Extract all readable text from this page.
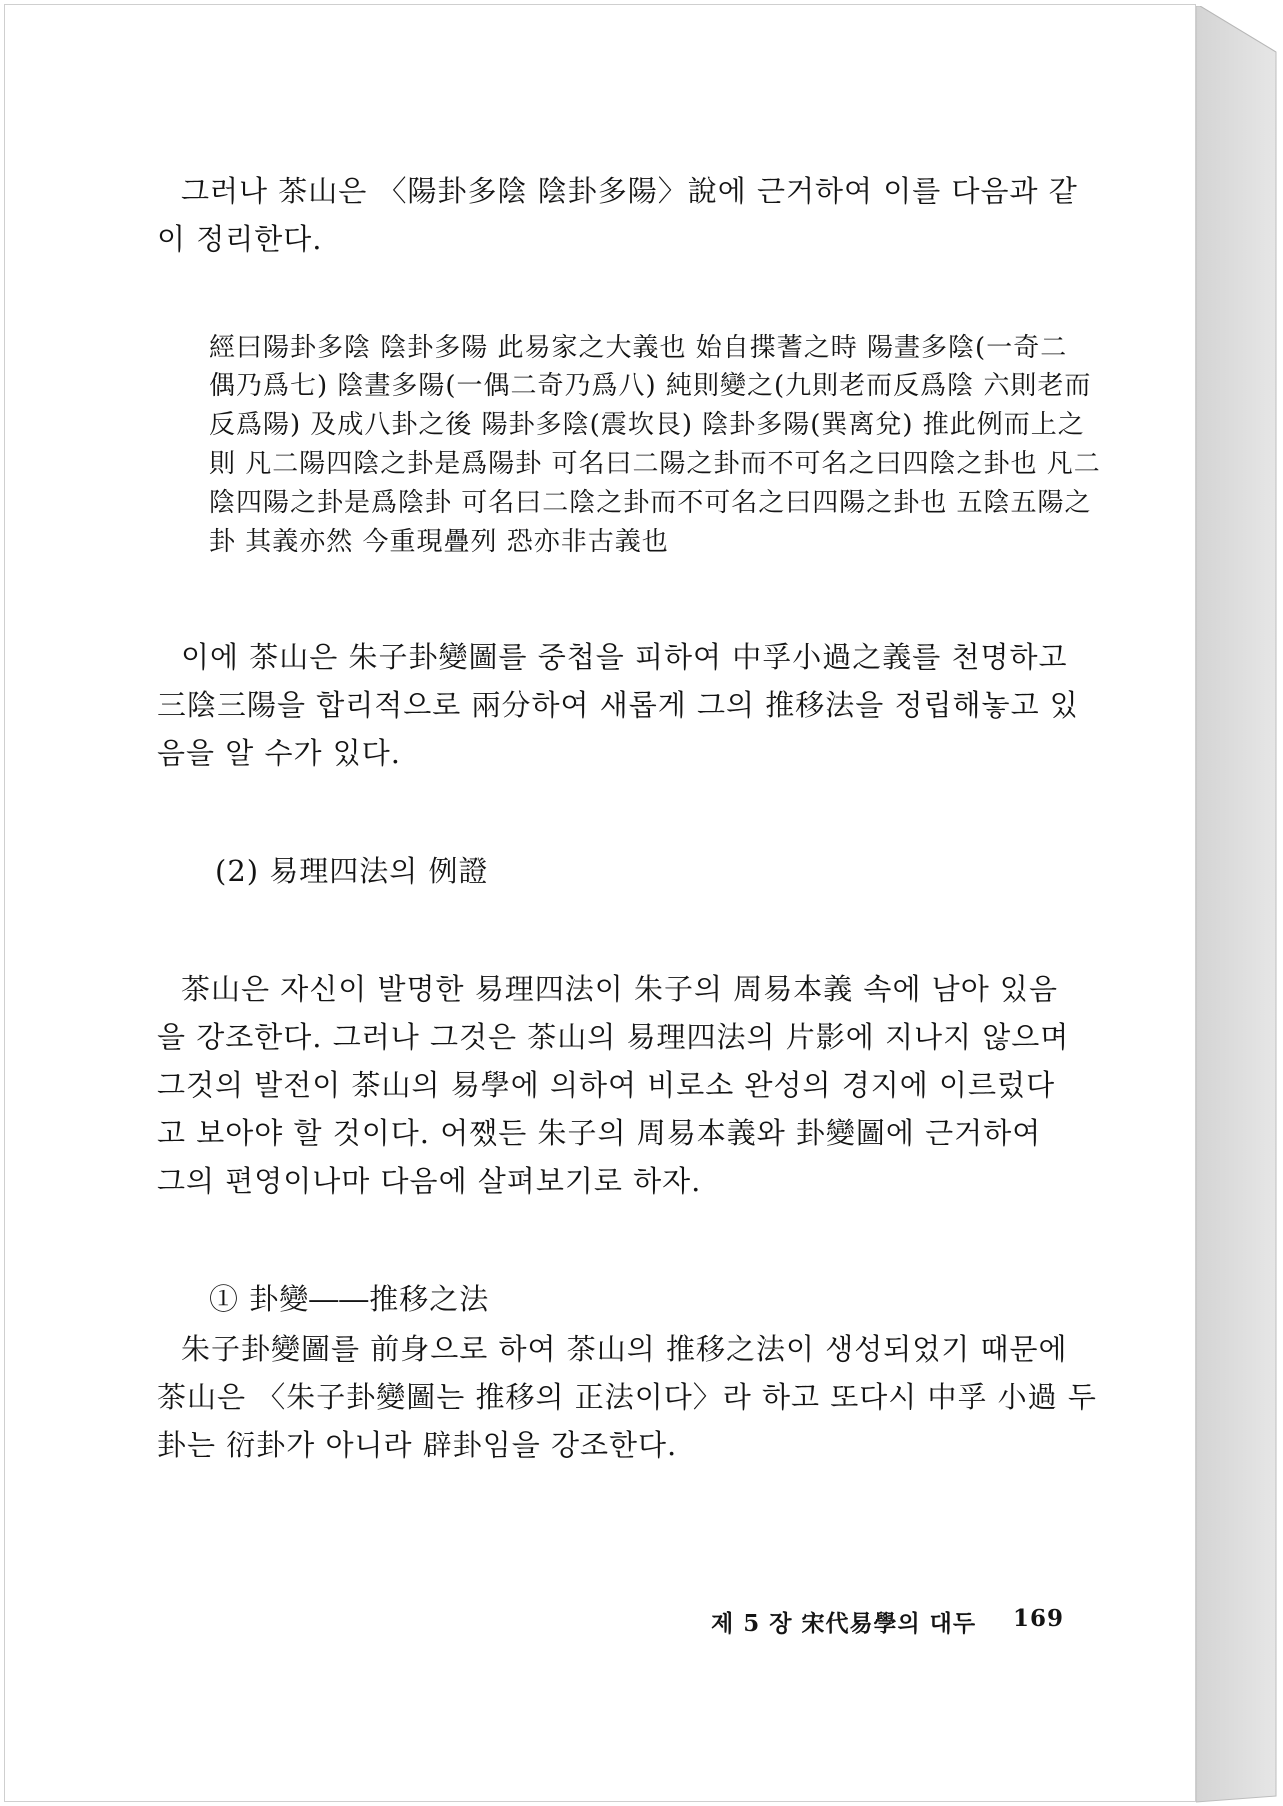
그러나 茶山은 〈陽卦多陰 陰卦多陽〉說에 근거하여 이를 다음과 같
이 정리한다.
經曰陽卦多陰 陰卦多陽 此易家之大義也 始自揲蓍之時 陽晝多陰(一奇二
偶乃爲七) 陰晝多陽(一偶二奇乃爲八) 純則變之(九則老而反爲陰 六則老而
反爲陽) 及成八卦之後 陽卦多陰(震坎艮) 陰卦多陽(巽离兌) 推此例而上之
則 凡二陽四陰之卦是爲陽卦 可名曰二陽之卦而不可名之曰四陰之卦也 凡二
陰四陽之卦是爲陰卦 可名曰二陰之卦而不可名之曰四陽之卦也 五陰五陽之
卦 其義亦然 今重現疊列 恐亦非古義也
이에 茶山은 朱子卦變圖를 중첩을 피하여 中孚小過之義를 천명하고
三陰三陽을 합리적으로 兩分하여 새롭게 그의 推移法을 정립해놓고 있
음을 알 수가 있다.
(2) 易理四法의 例證
茶山은 자신이 발명한 易理四法이 朱子의 周易本義 속에 남아 있음
을 강조한다. 그러나 그것은 茶山의 易理四法의 片影에 지나지 않으며
그것의 발전이 茶山의 易學에 의하여 비로소 완성의 경지에 이르렀다
고 보아야 할 것이다. 어쨌든 朱子의 周易本義와 卦變圖에 근거하여
그의 편영이나마 다음에 살펴보기로 하자.
① 卦變――推移之法
朱子卦變圖를 前身으로 하여 茶山의 推移之法이 생성되었기 때문에
茶山은 〈朱子卦變圖는 推移의 正法이다〉라 하고 또다시 中孚 小過 두
卦는 衍卦가 아니라 辟卦임을 강조한다.
제 5 장 宋代易學의 대두 169
